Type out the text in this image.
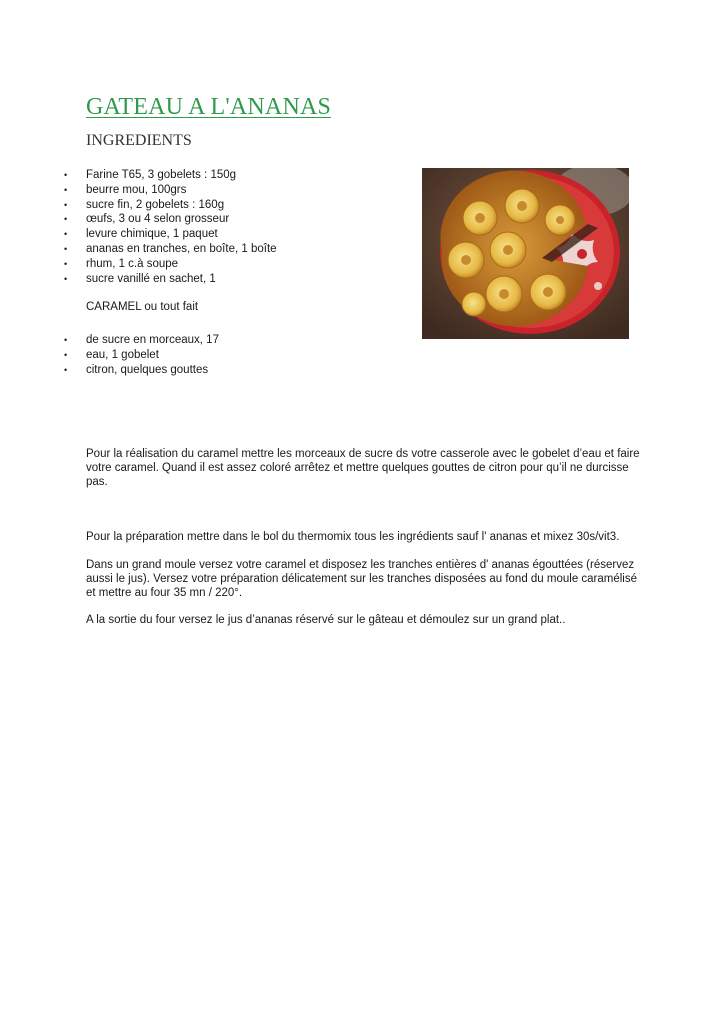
GATEAU A L'ANANAS
INGREDIENTS
• Farine T65, 3 gobelets : 150g
• beurre mou, 100grs
• sucre fin, 2 gobelets : 160g
• œufs, 3 ou 4 selon grosseur
• levure chimique, 1 paquet
• ananas en tranches, en boîte, 1 boîte
• rhum, 1 c.à soupe
• sucre vanillé en sachet, 1
CARAMEL ou tout fait
• de sucre en morceaux, 17
• eau, 1 gobelet
• citron, quelques gouttes

Pour la réalisation du caramel mettre les morceaux de sucre ds votre casserole avec le gobelet d’eau et faire votre caramel. Quand il est assez coloré arrêtez et mettre quelques gouttes de citron pour qu’il ne durcisse pas.

Pour la préparation mettre dans le bol du thermomix tous les ingrédients sauf l' ananas et mixez 30s/vit3.

Dans un grand moule versez votre caramel et disposez les tranches entières d' ananas égouttées (réservez aussi le jus). Versez votre préparation délicatement sur les tranches disposées au fond du moule caramélisé et mettre au four 35 mn / 220°.

A la sortie du four versez le jus d’ananas réservé sur le gâteau et démoulez sur un grand plat..
